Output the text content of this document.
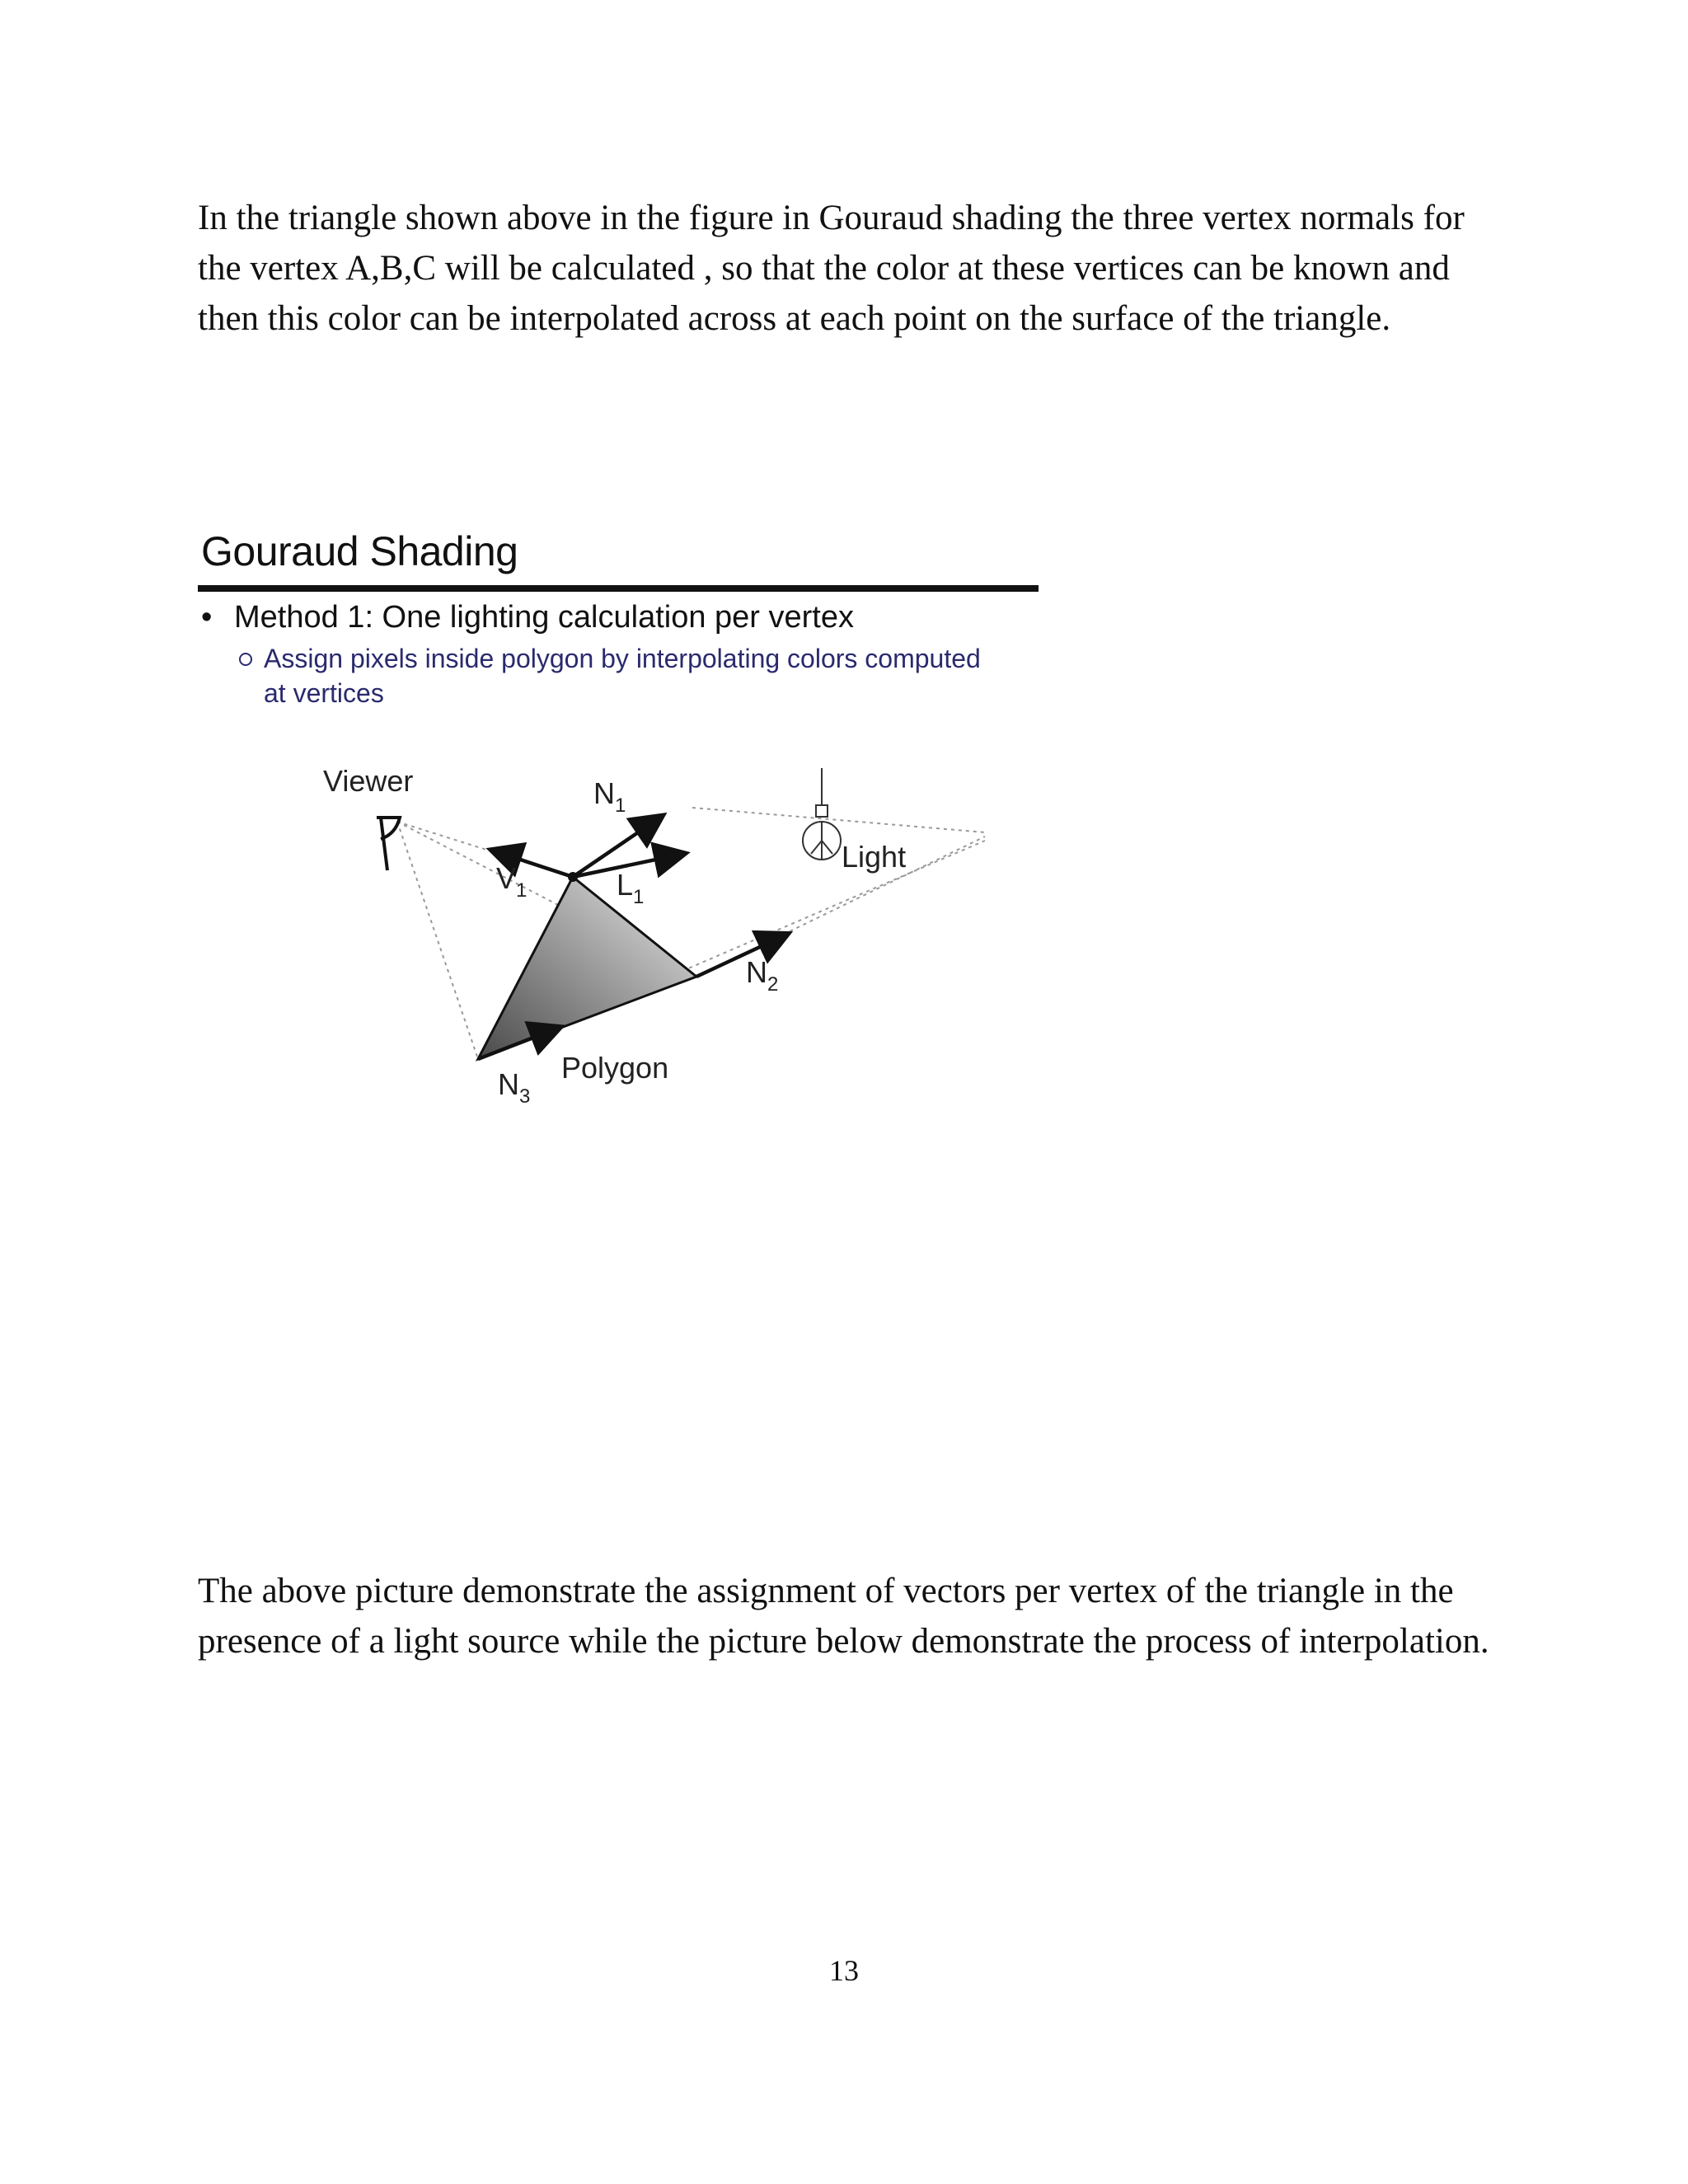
In the triangle shown above in the figure in Gouraud shading the three vertex normals for the vertex A,B,C will be calculated , so that the color at these vertices can be known and then this color can be interpolated across at each point on the surface of the triangle.

Gouraud Shading
• Method 1: One lighting calculation per vertex
Assign pixels inside polygon by interpolating colors computed at vertices
Viewer
Light
Polygon
$N_1$
$V_1$	$L_1$
$N_2$
$N_3$

The above picture demonstrate the assignment of vectors per vertex of the triangle in the presence of a light source while the picture below demonstrate the process of interpolation.

13
